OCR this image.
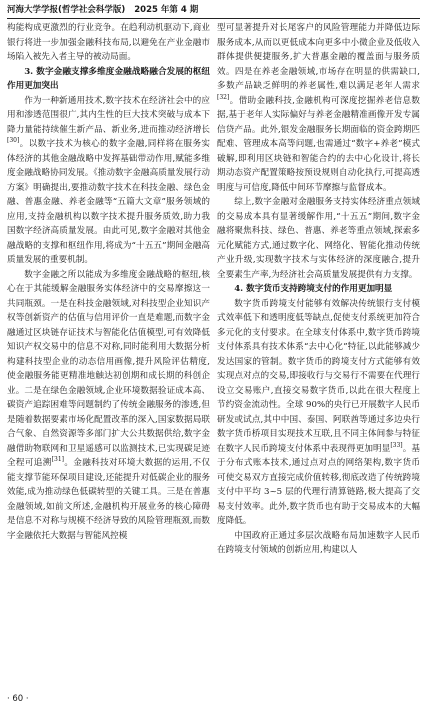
河海大学学报(哲学社会科学版) 2025 年第 4 期

构能构成更激烈的行业竞争。在趋利动机驱动下,商业银行将进一步加强金融科技布局,以避免在产业金融市场陷入被先入者主导的被动局面。

3. 数字金融支撑多维度金融战略融合发展的枢纽作用更加突出

作为一种新通用技术,数字技术在经济社会中的应用和渗透范围很广,其内生性的巨大技术突破与成本下降力量能持续催生新产品、新业务,进而推动经济增长[30]。以数字技术为核心的数字金融,同样将在服务实体经济的其他金融战略中发挥基础带动作用,赋能多维度金融战略协同发展。《推动数字金融高质量发展行动方案》明确提出,要推动数字技术在科技金融、绿色金融、普惠金融、养老金融等“五篇大文章”服务领域的应用,支持金融机构以数字技术提升服务质效,助力我国数字经济高质量发展。由此可见,数字金融对其他金融战略的支撑和枢纽作用,将成为“十五五”期间金融高质量发展的重要机制。

数字金融之所以能成为多维度金融战略的枢纽,核心在于其能缓解金融服务实体经济中的交易摩擦这一共同瓶颈。一是在科技金融领域,对科技型企业知识产权等创新资产的估值与信用评价一直是难题,而数字金融通过区块链存证技术与智能化估值模型,可有效降低知识产权交易中的信息不对称,同时能利用大数据分析构建科技型企业的动态信用画像,提升风险评估精度,使金融服务能更精准地触达初创期和成长期的科创企业。二是在绿色金融领域,企业环境数据验证成本高、碳资产追踪困难等问题制约了传统金融服务的渗透,但是随着数据要素市场化配置改革的深入,国家数据局联合气象、自然资源等多部门扩大公共数据供给,数字金融借助物联网和卫星遥感可以监测技术,已实现碳足迹全程可追溯[31]。金融科技对环境大数据的运用,不仅能支撑节能环保项目建设,还能提升对低碳企业的服务效能,成为推动绿色低碳转型的关键工具。三是在普惠金融领域,如前文所述,金融机构开展业务的核心障碍是信息不对称与规模不经济导致的风险管理瓶颈,而数字金融依托大数据与智能风控模

型可显著提升对长尾客户的风险管理能力并降低边际服务成本,从而以更低成本向更多中小微企业及低收入群体提供便捷服务,扩大普惠金融的覆盖面与服务质效。四是在养老金融领域,市场存在明显的供需缺口,多数产品缺乏鲜明的养老属性,难以满足老年人需求[32]。借助金融科技,金融机构可深度挖掘养老信息数据,基于老年人实际偏好与养老金融精准画像开发专属信贷产品。此外,银发金融服务长期面临的资金跨期匹配难、管理成本高等问题,也需通过“数字+养老”模式破解,即利用区块链和智能合约的去中心化设计,将长期动态资产配置策略按预设规则自动化执行,可提高透明度与可信度,降低中间环节摩擦与监督成本。

综上,数字金融对金融服务支持实体经济重点领域的交易成本具有显著缓解作用,“十五五”期间,数字金融将聚焦科技、绿色、普惠、养老等重点领域,探索多元化赋能方式,通过数字化、网络化、智能化推动传统产业升级,实现数字技术与实体经济的深度融合,提升全要素生产率,为经济社会高质量发展提供有力支撑。

4. 数字货币支持跨境支付的作用更加明显

数字货币跨境支付能够有效解决传统银行支付模式效率低下和透明度低等缺点,促使支付系统更加符合多元化的支付要求。在全球支付体系中,数字货币跨境支付体系具有技术体系“去中心化”特征,以此能够减少发达国家的管制。数字货币的跨境支付方式能够有效实现点对点的交易,即接收行与交易行不需要在代理行设立交易账户,直接交易数字货币,以此在很大程度上节约资金流动性。全球 90%的央行已开展数字人民币研发或试点,其中中国、泰国、阿联酋等通过多边央行数字货币桥项目实现技术互联,且不同主体间参与特征在数字人民币跨境支付体系中表现得更加明显[33]。基于分布式账本技术,通过点对点的网络架构,数字货币可使交易双方直接完成价值转移,彻底改造了传统跨境支付中平均 3~5 层的代理行清算链路,极大提高了交易支付效率。此外,数字货币也有助于交易成本的大幅度降低。

中国政府正通过多层次战略布局加速数字人民币在跨境支付领域的创新应用,构建以人

· 60 ·
